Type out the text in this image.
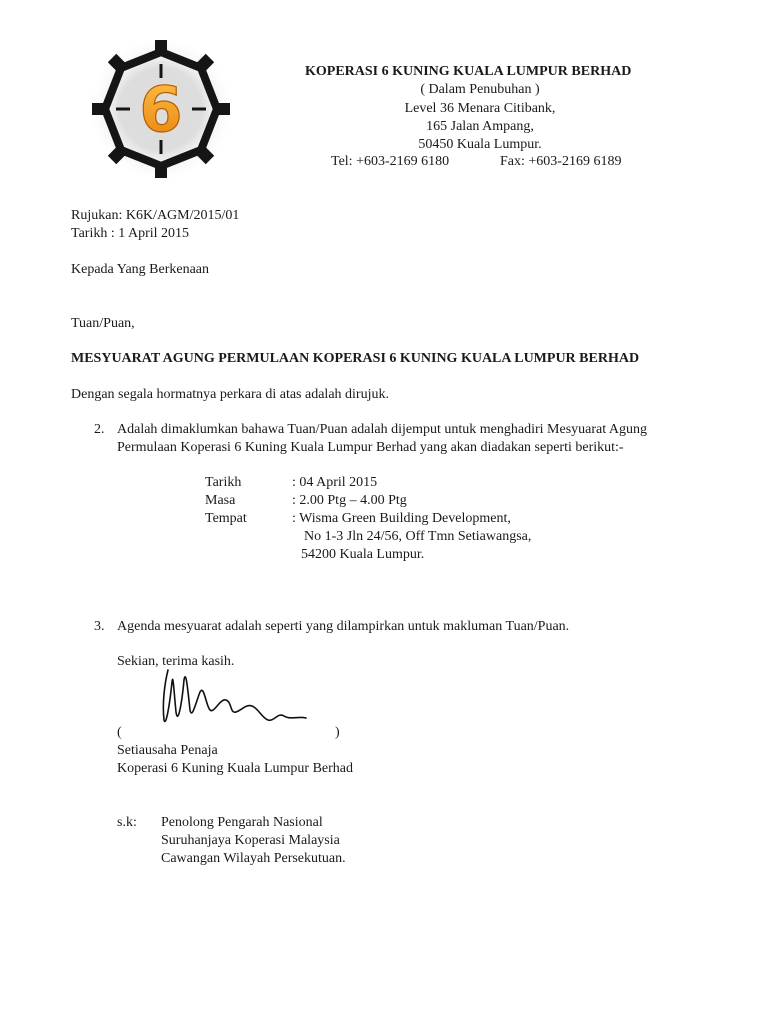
6
KOPERASI 6 KUNING KUALA LUMPUR BERHAD
( Dalam Penubuhan )
Level 36 Menara Citibank,
165 Jalan Ampang,
50450 Kuala Lumpur.
Tel: +603-2169 6180	Fax: +603-2169 6189
Rujukan: K6K/AGM/2015/01
Tarikh : 1 April 2015
Kepada Yang Berkenaan
Tuan/Puan,
MESYUARAT AGUNG PERMULAAN KOPERASI 6 KUNING KUALA LUMPUR BERHAD
Dengan segala hormatnya perkara di atas adalah dirujuk.
2. Adalah dimaklumkan bahawa Tuan/Puan adalah dijemput untuk menghadiri Mesyuarat Agung
Permulaan Koperasi 6 Kuning Kuala Lumpur Berhad yang akan diadakan seperti berikut:-
Tarikh	: 04 April 2015
Masa	: 2.00 Ptg – 4.00 Ptg
Tempat	: Wisma Green Building Development,
No 1-3 Jln 24/56, Off Tmn Setiawangsa,
54200 Kuala Lumpur.
3. Agenda mesyuarat adalah seperti yang dilampirkan untuk makluman Tuan/Puan.
Sekian, terima kasih.
(	)
Setiausaha Penaja
Koperasi 6 Kuning Kuala Lumpur Berhad
s.k: Penolong Pengarah Nasional
Suruhanjaya Koperasi Malaysia
Cawangan Wilayah Persekutuan.
